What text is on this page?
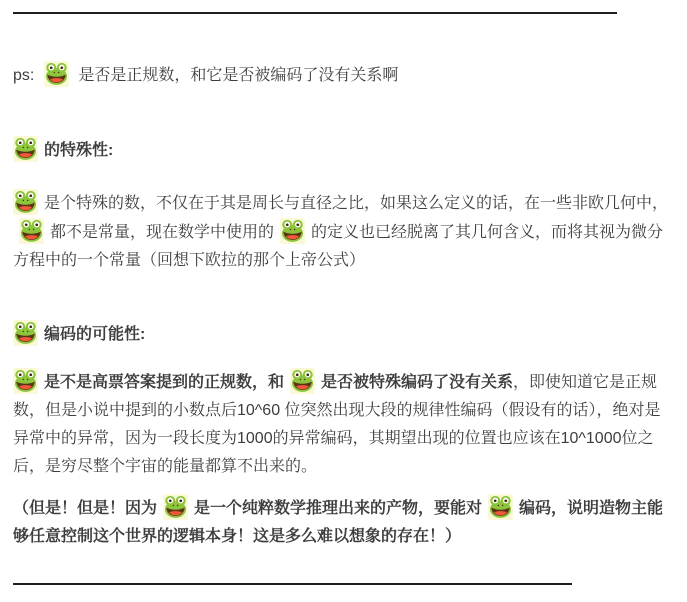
ps:	是否是正规数，和它是否被编码了没有关系啊

的特殊性:

是个特殊的数，不仅在于其是周长与直径之比，如果这么定义的话，在一些非欧几何中，
都不是常量，现在数学中使用的 的定义也已经脱离了其几何含义，而将其视为微分方程中的一个常量（回想下欧拉的那个上帝公式）

编码的可能性:

是不是高票答案提到的正规数，和 是否被特殊编码了没有关系，即使知道它是正规数，但是小说中提到的小数点后10^60 位突然出现大段的规律性编码（假设有的话），绝对是异常中的异常，因为一段长度为1000的异常编码，其期望出现的位置也应该在10^1000位之后，是穷尽整个宇宙的能量都算不出来的。

（但是！但是！因为 是一个纯粹数学推理出来的产物，要能对 编码，说明造物主能够任意控制这个世界的逻辑本身！这是多么难以想象的存在！）
